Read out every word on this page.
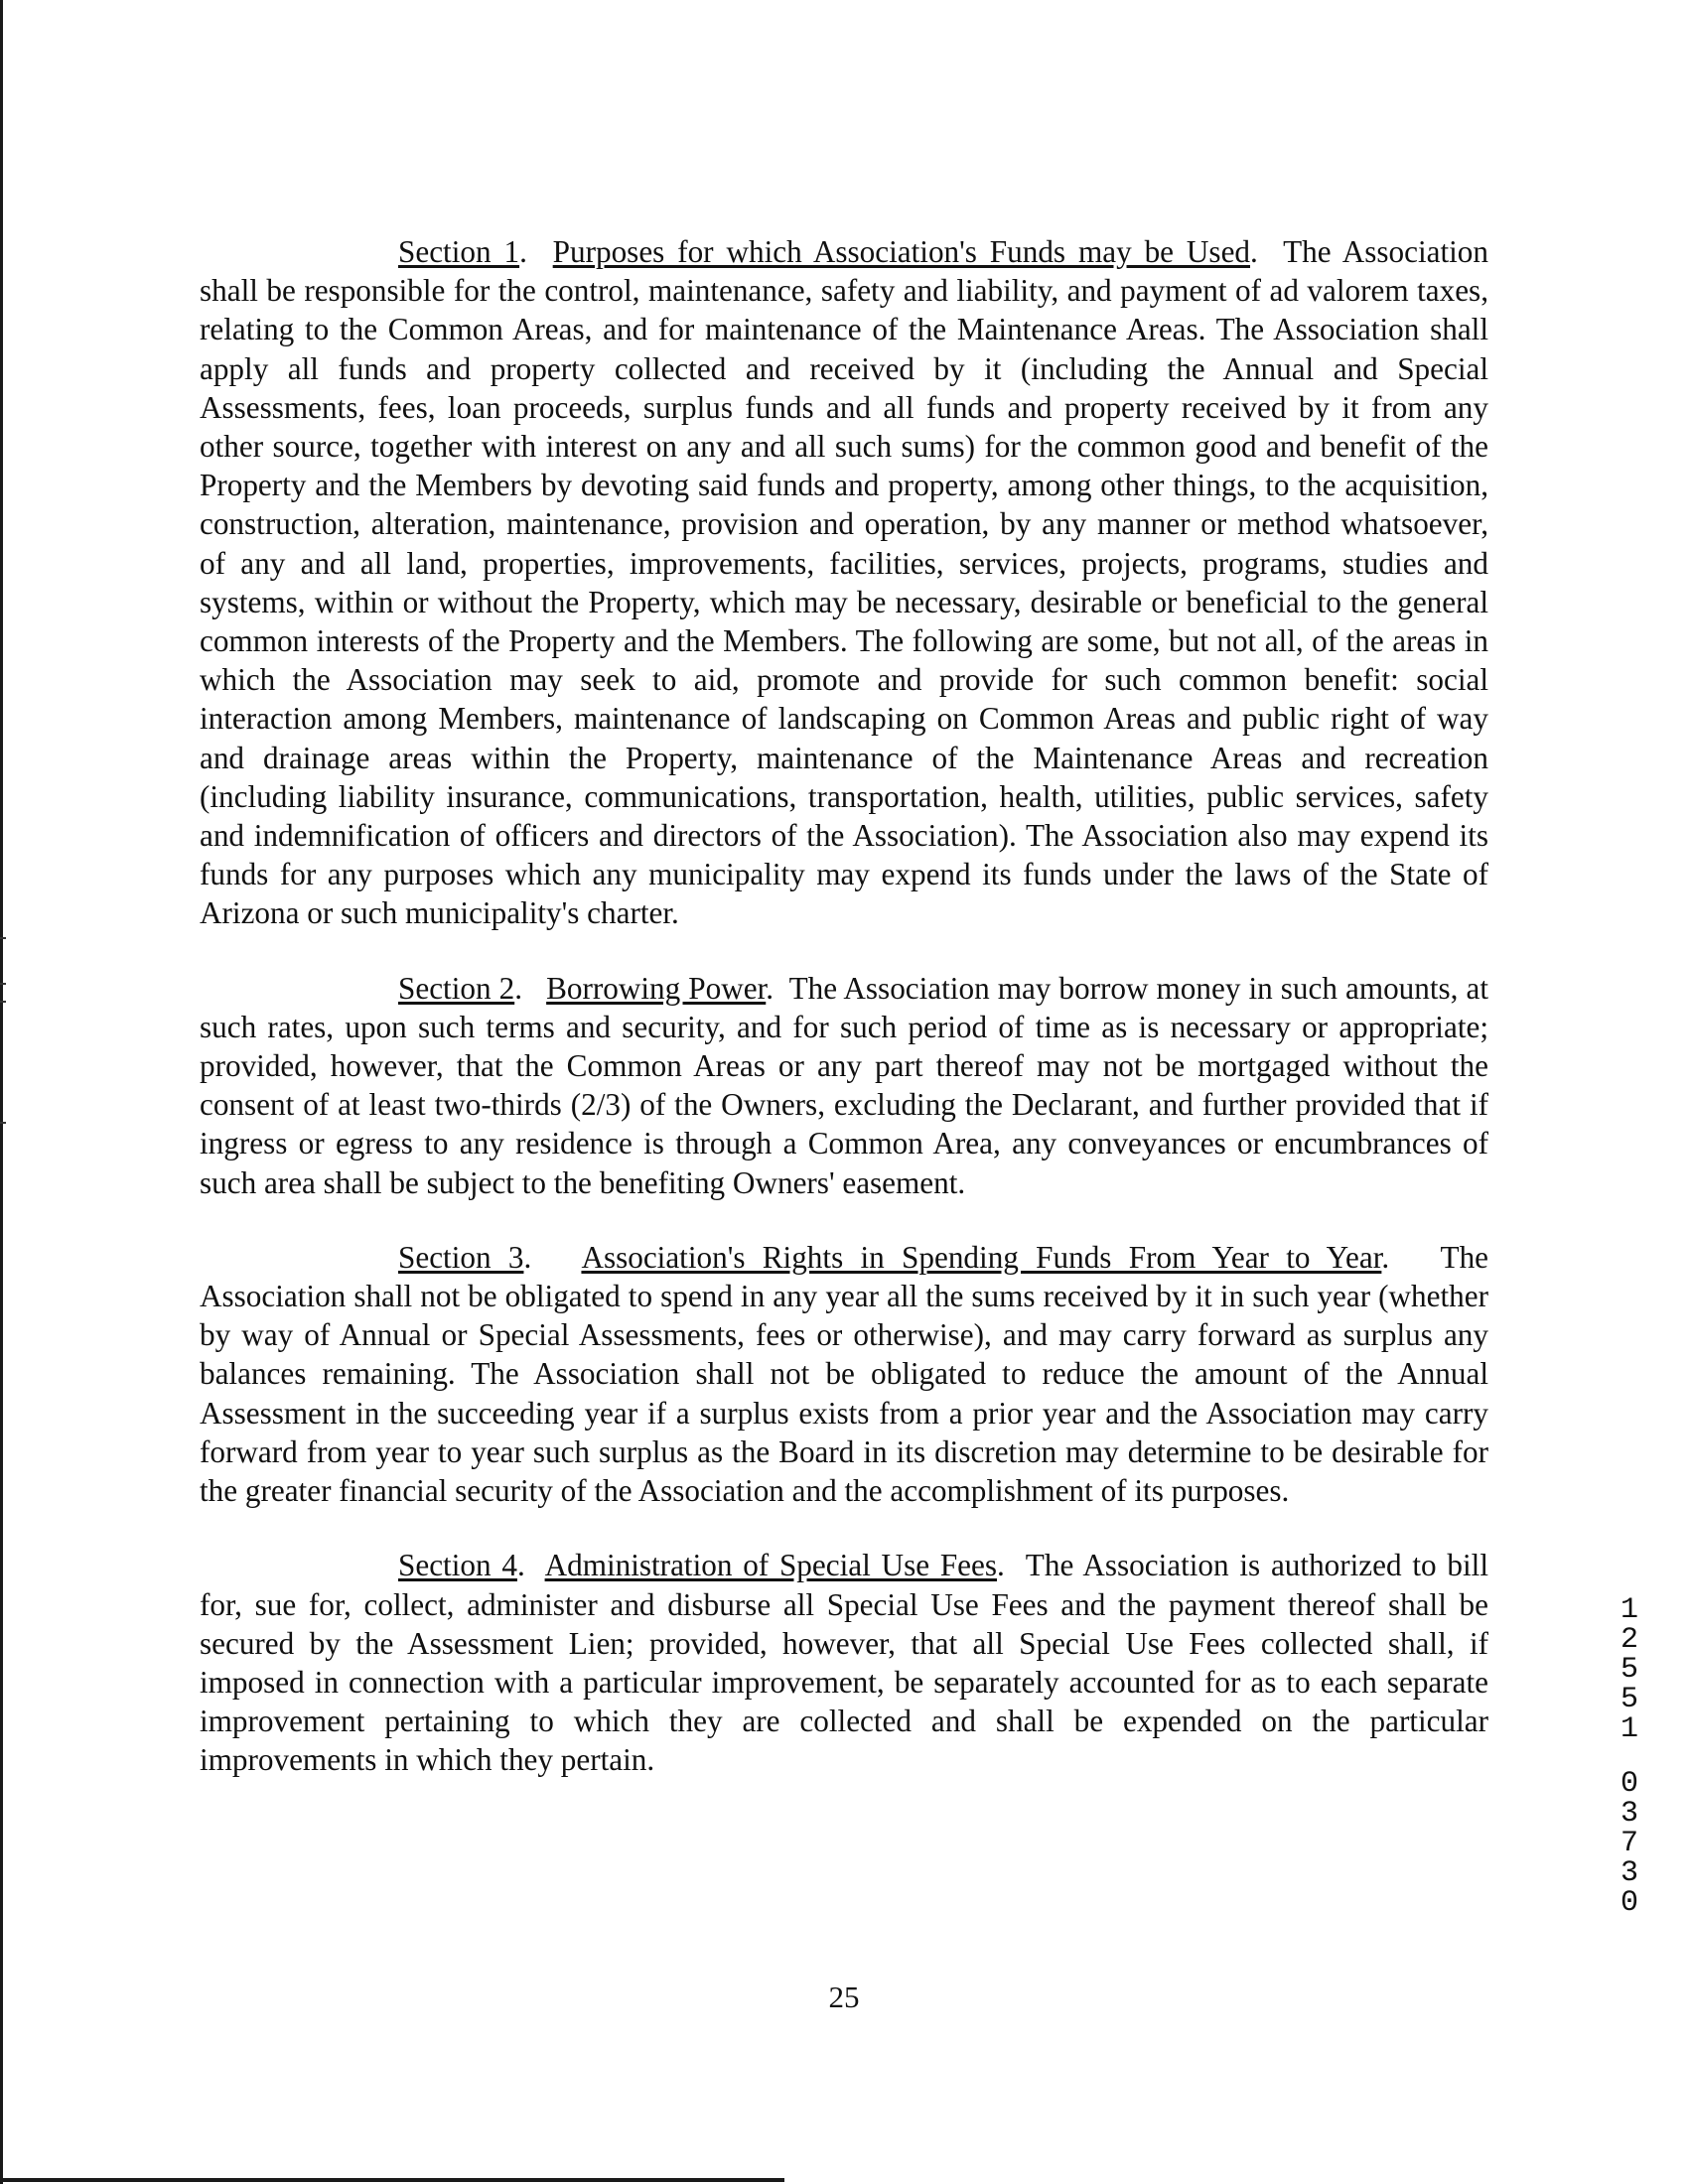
Section 1.  Purposes for which Association's Funds may be Used.  The Association shall be responsible for the control, maintenance, safety and liability, and payment of ad valorem taxes, relating to the Common Areas, and for maintenance of the Maintenance Areas. The Association shall apply all funds and property collected and received by it (including the Annual and Special Assessments, fees, loan proceeds, surplus funds and all funds and property received by it from any other source, together with interest on any and all such sums) for the common good and benefit of the Property and the Members by devoting said funds and property, among other things, to the acquisition, construction, alteration, maintenance, provision and operation, by any manner or method whatsoever, of any and all land, properties, improvements, facilities, services, projects, programs, studies and systems, within or without the Property, which may be necessary, desirable or beneficial to the general common interests of the Property and the Members. The following are some, but not all, of the areas in which the Association may seek to aid, promote and provide for such common benefit: social interaction among Members, maintenance of landscaping on Common Areas and public right of way and drainage areas within the Property, maintenance of the Maintenance Areas and recreation (including liability insurance, communications, transportation, health, utilities, public services, safety and indemnification of officers and directors of the Association). The Association also may expend its funds for any purposes which any municipality may expend its funds under the laws of the State of Arizona or such municipality's charter.

Section 2.   Borrowing Power.  The Association may borrow money in such amounts, at such rates, upon such terms and security, and for such period of time as is necessary or appropriate; provided, however, that the Common Areas or any part thereof may not be mortgaged without the consent of at least two-thirds (2/3) of the Owners, excluding the Declarant, and further provided that if ingress or egress to any residence is through a Common Area, any conveyances or encumbrances of such area shall be subject to the benefiting Owners' easement.

Section 3.   Association's Rights in Spending Funds From Year to Year.   The Association shall not be obligated to spend in any year all the sums received by it in such year (whether by way of Annual or Special Assessments, fees or otherwise), and may carry forward as surplus any balances remaining. The Association shall not be obligated to reduce the amount of the Annual Assessment in the succeeding year if a surplus exists from a prior year and the Association may carry forward from year to year such surplus as the Board in its discretion may determine to be desirable for the greater financial security of the Association and the accomplishment of its purposes.

Section 4.  Administration of Special Use Fees.  The Association is authorized to bill for, sue for, collect, administer and disburse all Special Use Fees and the payment thereof shall be secured by the Assessment Lien; provided, however, that all Special Use Fees collected shall, if imposed in connection with a particular improvement, be separately accounted for as to each separate improvement pertaining to which they are collected and shall be expended on the particular improvements in which they pertain.

25
12551
03730
